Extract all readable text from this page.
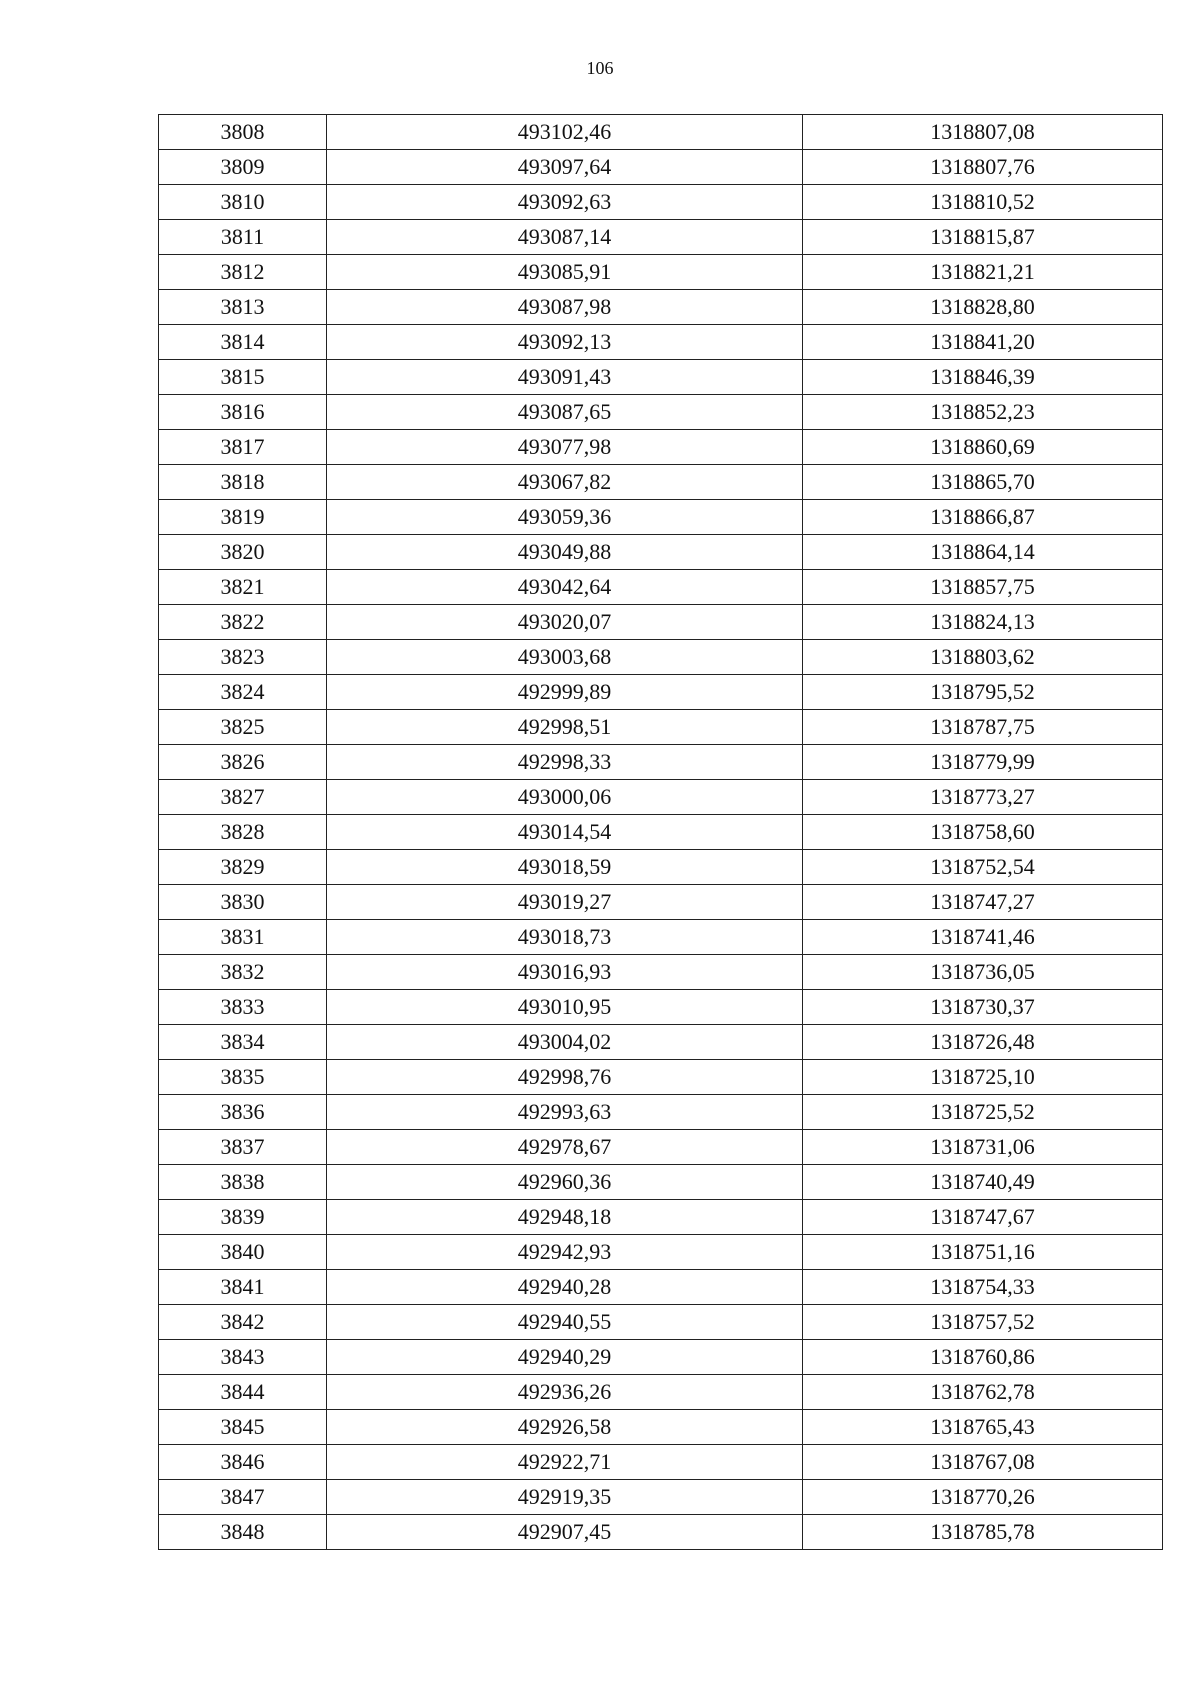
106
3808	493102,46	1318807,08
3809	493097,64	1318807,76
3810	493092,63	1318810,52
3811	493087,14	1318815,87
3812	493085,91	1318821,21
3813	493087,98	1318828,80
3814	493092,13	1318841,20
3815	493091,43	1318846,39
3816	493087,65	1318852,23
3817	493077,98	1318860,69
3818	493067,82	1318865,70
3819	493059,36	1318866,87
3820	493049,88	1318864,14
3821	493042,64	1318857,75
3822	493020,07	1318824,13
3823	493003,68	1318803,62
3824	492999,89	1318795,52
3825	492998,51	1318787,75
3826	492998,33	1318779,99
3827	493000,06	1318773,27
3828	493014,54	1318758,60
3829	493018,59	1318752,54
3830	493019,27	1318747,27
3831	493018,73	1318741,46
3832	493016,93	1318736,05
3833	493010,95	1318730,37
3834	493004,02	1318726,48
3835	492998,76	1318725,10
3836	492993,63	1318725,52
3837	492978,67	1318731,06
3838	492960,36	1318740,49
3839	492948,18	1318747,67
3840	492942,93	1318751,16
3841	492940,28	1318754,33
3842	492940,55	1318757,52
3843	492940,29	1318760,86
3844	492936,26	1318762,78
3845	492926,58	1318765,43
3846	492922,71	1318767,08
3847	492919,35	1318770,26
3848	492907,45	1318785,78
